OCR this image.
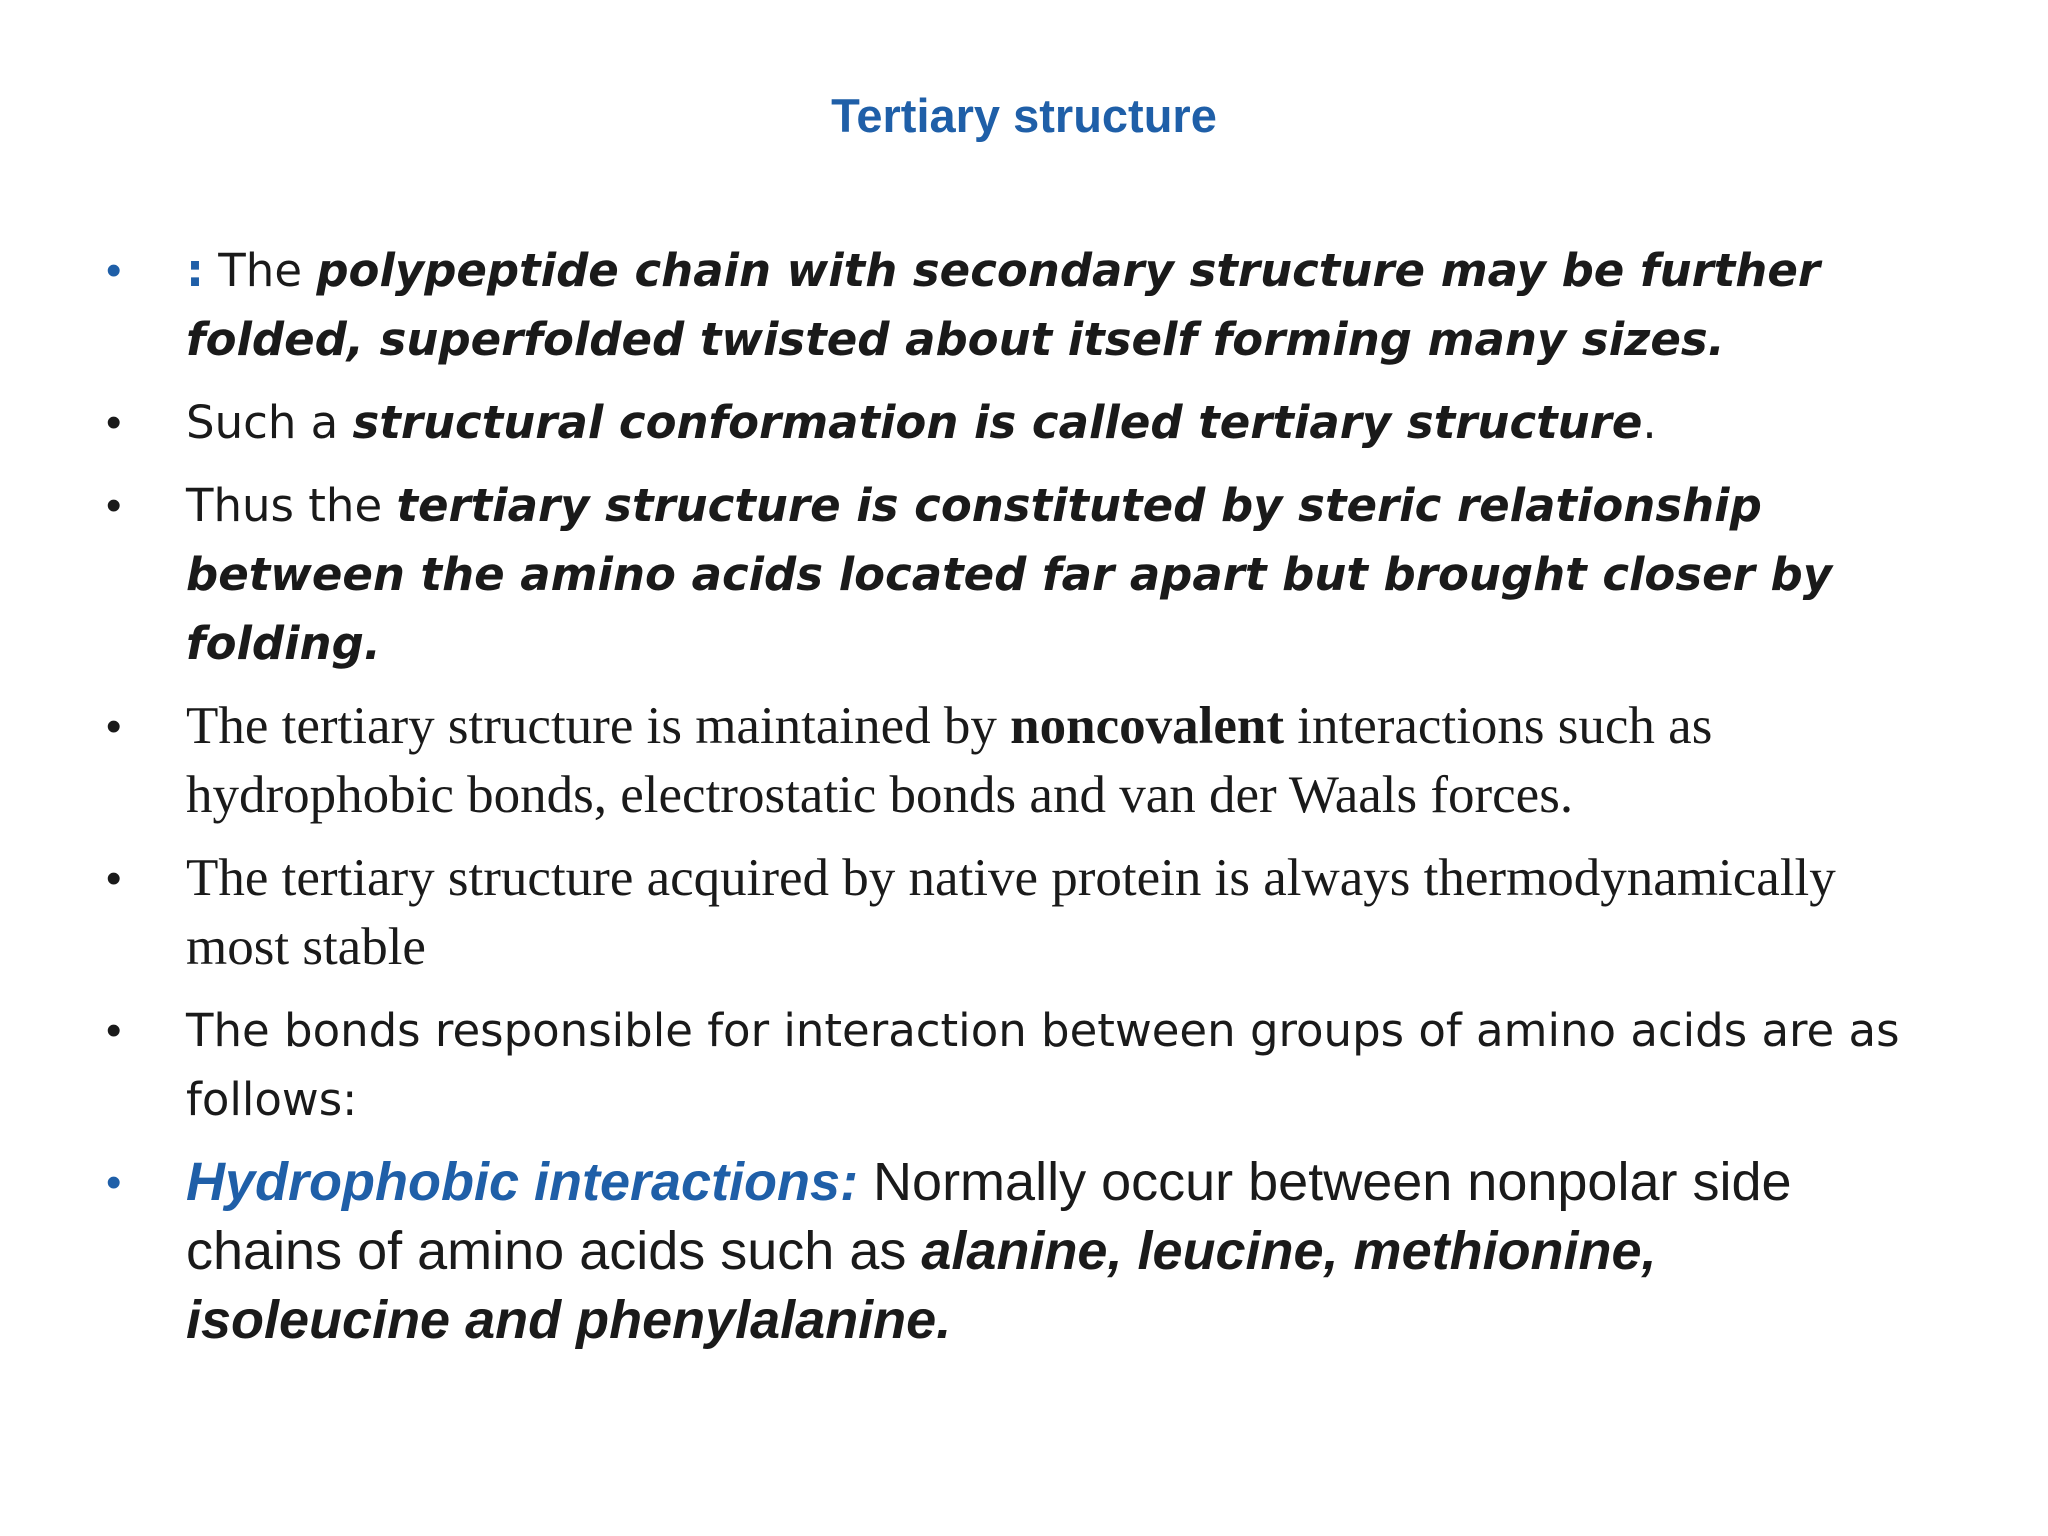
Tertiary structure
• : The polypeptide chain with secondary structure may be further folded, superfolded twisted about itself forming many sizes.
• Such a structural conformation is called tertiary structure.
• Thus the tertiary structure is constituted by steric relationship between the amino acids located far apart but brought closer by folding.
• The tertiary structure is maintained by noncovalent interactions such as hydrophobic bonds, electrostatic bonds and van der Waals forces.
• The tertiary structure acquired by native protein is always thermodynamically most stable
• The bonds responsible for interaction between groups of amino acids are as follows:
• Hydrophobic interactions: Normally occur between nonpolar side chains of amino acids such as alanine, leucine, methionine, isoleucine and phenylalanine.
